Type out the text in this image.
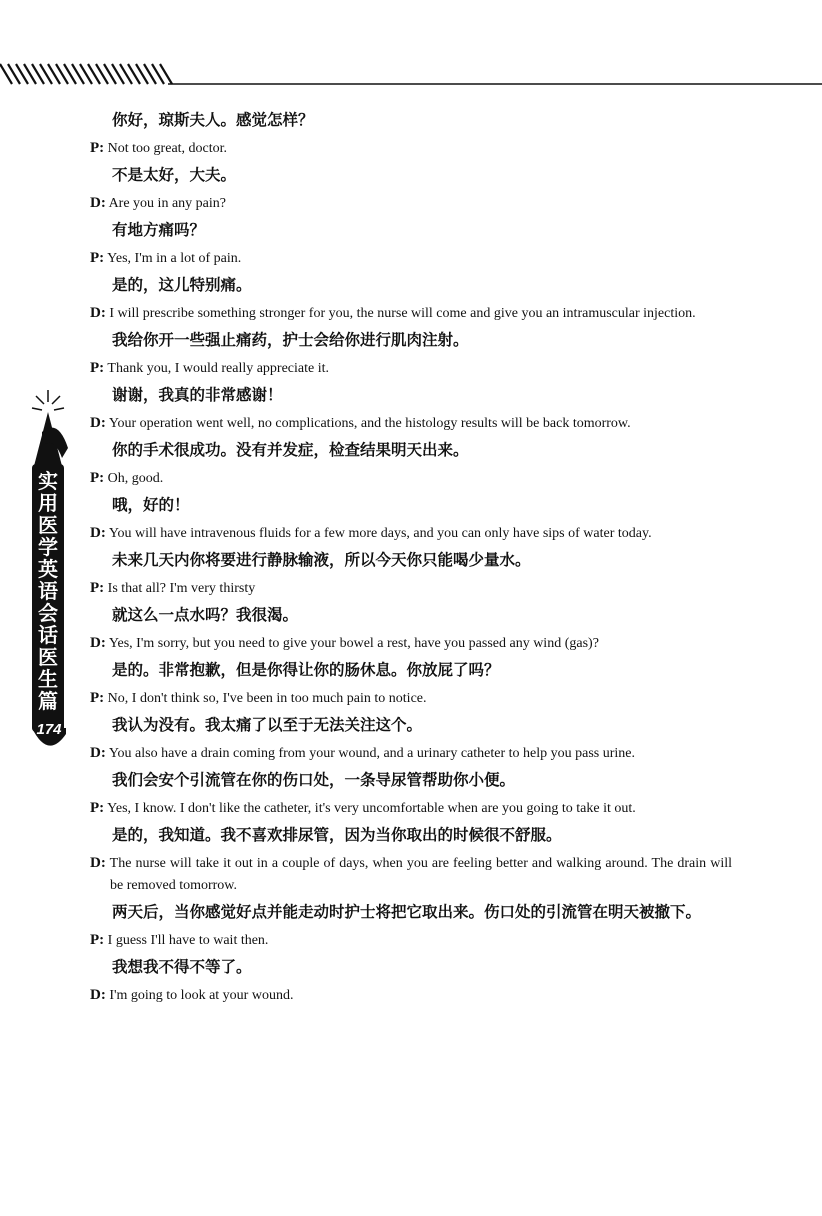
实
用
医
学
英
语
会
话
医
生
篇
174
你好，琼斯夫人。感觉怎样？
P: Not too great, doctor.
不是太好，大夫。
D: Are you in any pain?
有地方痛吗？
P: Yes, I'm in a lot of pain.
是的，这儿特别痛。
D: I will prescribe something stronger for you, the nurse will come and give you an intramuscular injection.
我给你开一些强止痛药，护士会给你进行肌肉注射。
P: Thank you, I would really appreciate it.
谢谢，我真的非常感谢！
D: Your operation went well, no complications, and the histology results will be back tomorrow.
你的手术很成功。没有并发症，检查结果明天出来。
P: Oh, good.
哦，好的！
D: You will have intravenous fluids for a few more days, and you can only have sips of water today.
未来几天内你将要进行静脉输液，所以今天你只能喝少量水。
P: Is that all? I'm very thirsty
就这么一点水吗？我很渴。
D: Yes, I'm sorry, but you need to give your bowel a rest, have you passed any wind (gas)?
是的。非常抱歉，但是你得让你的肠休息。你放屁了吗？
P: No, I don't think so, I've been in too much pain to notice.
我认为没有。我太痛了以至于无法关注这个。
D: You also have a drain coming from your wound, and a urinary catheter to help you pass urine.
我们会安个引流管在你的伤口处，一条导尿管帮助你小便。
P: Yes, I know. I don't like the catheter, it's very uncomfortable when are you going to take it out.
是的，我知道。我不喜欢排尿管，因为当你取出的时候很不舒服。
D: The nurse will take it out in a couple of days, when you are feeling better and walking around. The drain will be removed tomorrow.
两天后，当你感觉好点并能走动时护士将把它取出来。伤口处的引流管在明天被撤下。
P: I guess I'll have to wait then.
我想我不得不等了。
D: I'm going to look at your wound.
